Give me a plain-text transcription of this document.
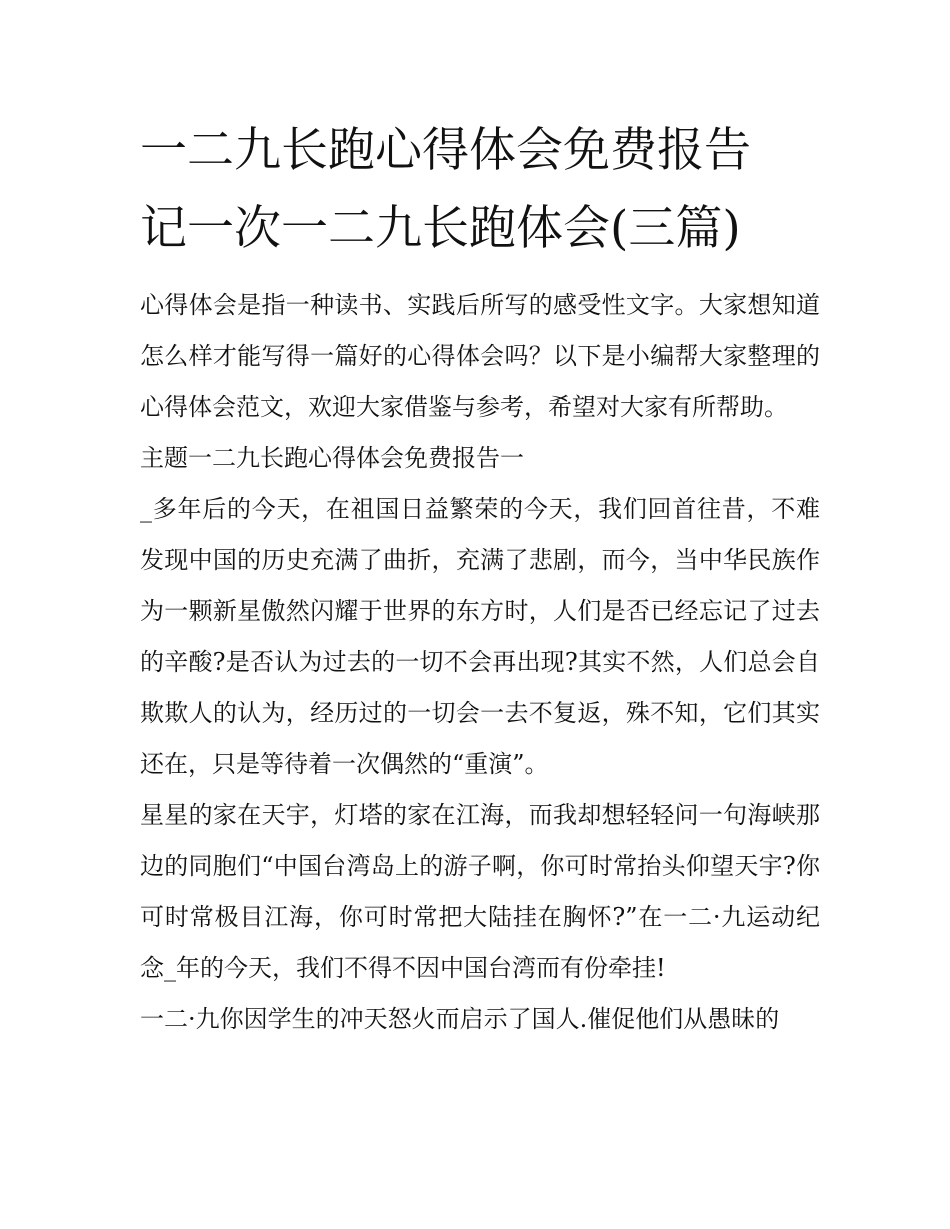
一二九长跑心得体会免费报告
记一次一二九长跑体会(三篇)

心得体会是指一种读书、实践后所写的感受性文字。大家想知道怎么样才能写得一篇好的心得体会吗？以下是小编帮大家整理的心得体会范文，欢迎大家借鉴与参考，希望对大家有所帮助。

主题一二九长跑心得体会免费报告一

_多年后的今天，在祖国日益繁荣的今天，我们回首往昔，不难发现中国的历史充满了曲折，充满了悲剧，而今，当中华民族作为一颗新星傲然闪耀于世界的东方时，人们是否已经忘记了过去的辛酸?是否认为过去的一切不会再出现?其实不然，人们总会自欺欺人的认为，经历过的一切会一去不复返，殊不知，它们其实还在，只是等待着一次偶然的“重演”。

星星的家在天宇，灯塔的家在江海，而我却想轻轻问一句海峡那边的同胞们“中国台湾岛上的游子啊，你可时常抬头仰望天宇?你可时常极目江海，你可时常把大陆挂在胸怀?”在一二·九运动纪念_年的今天，我们不得不因中国台湾而有份牵挂!

一二·九你因学生的冲天怒火而启示了国人.催促他们从愚昧的
